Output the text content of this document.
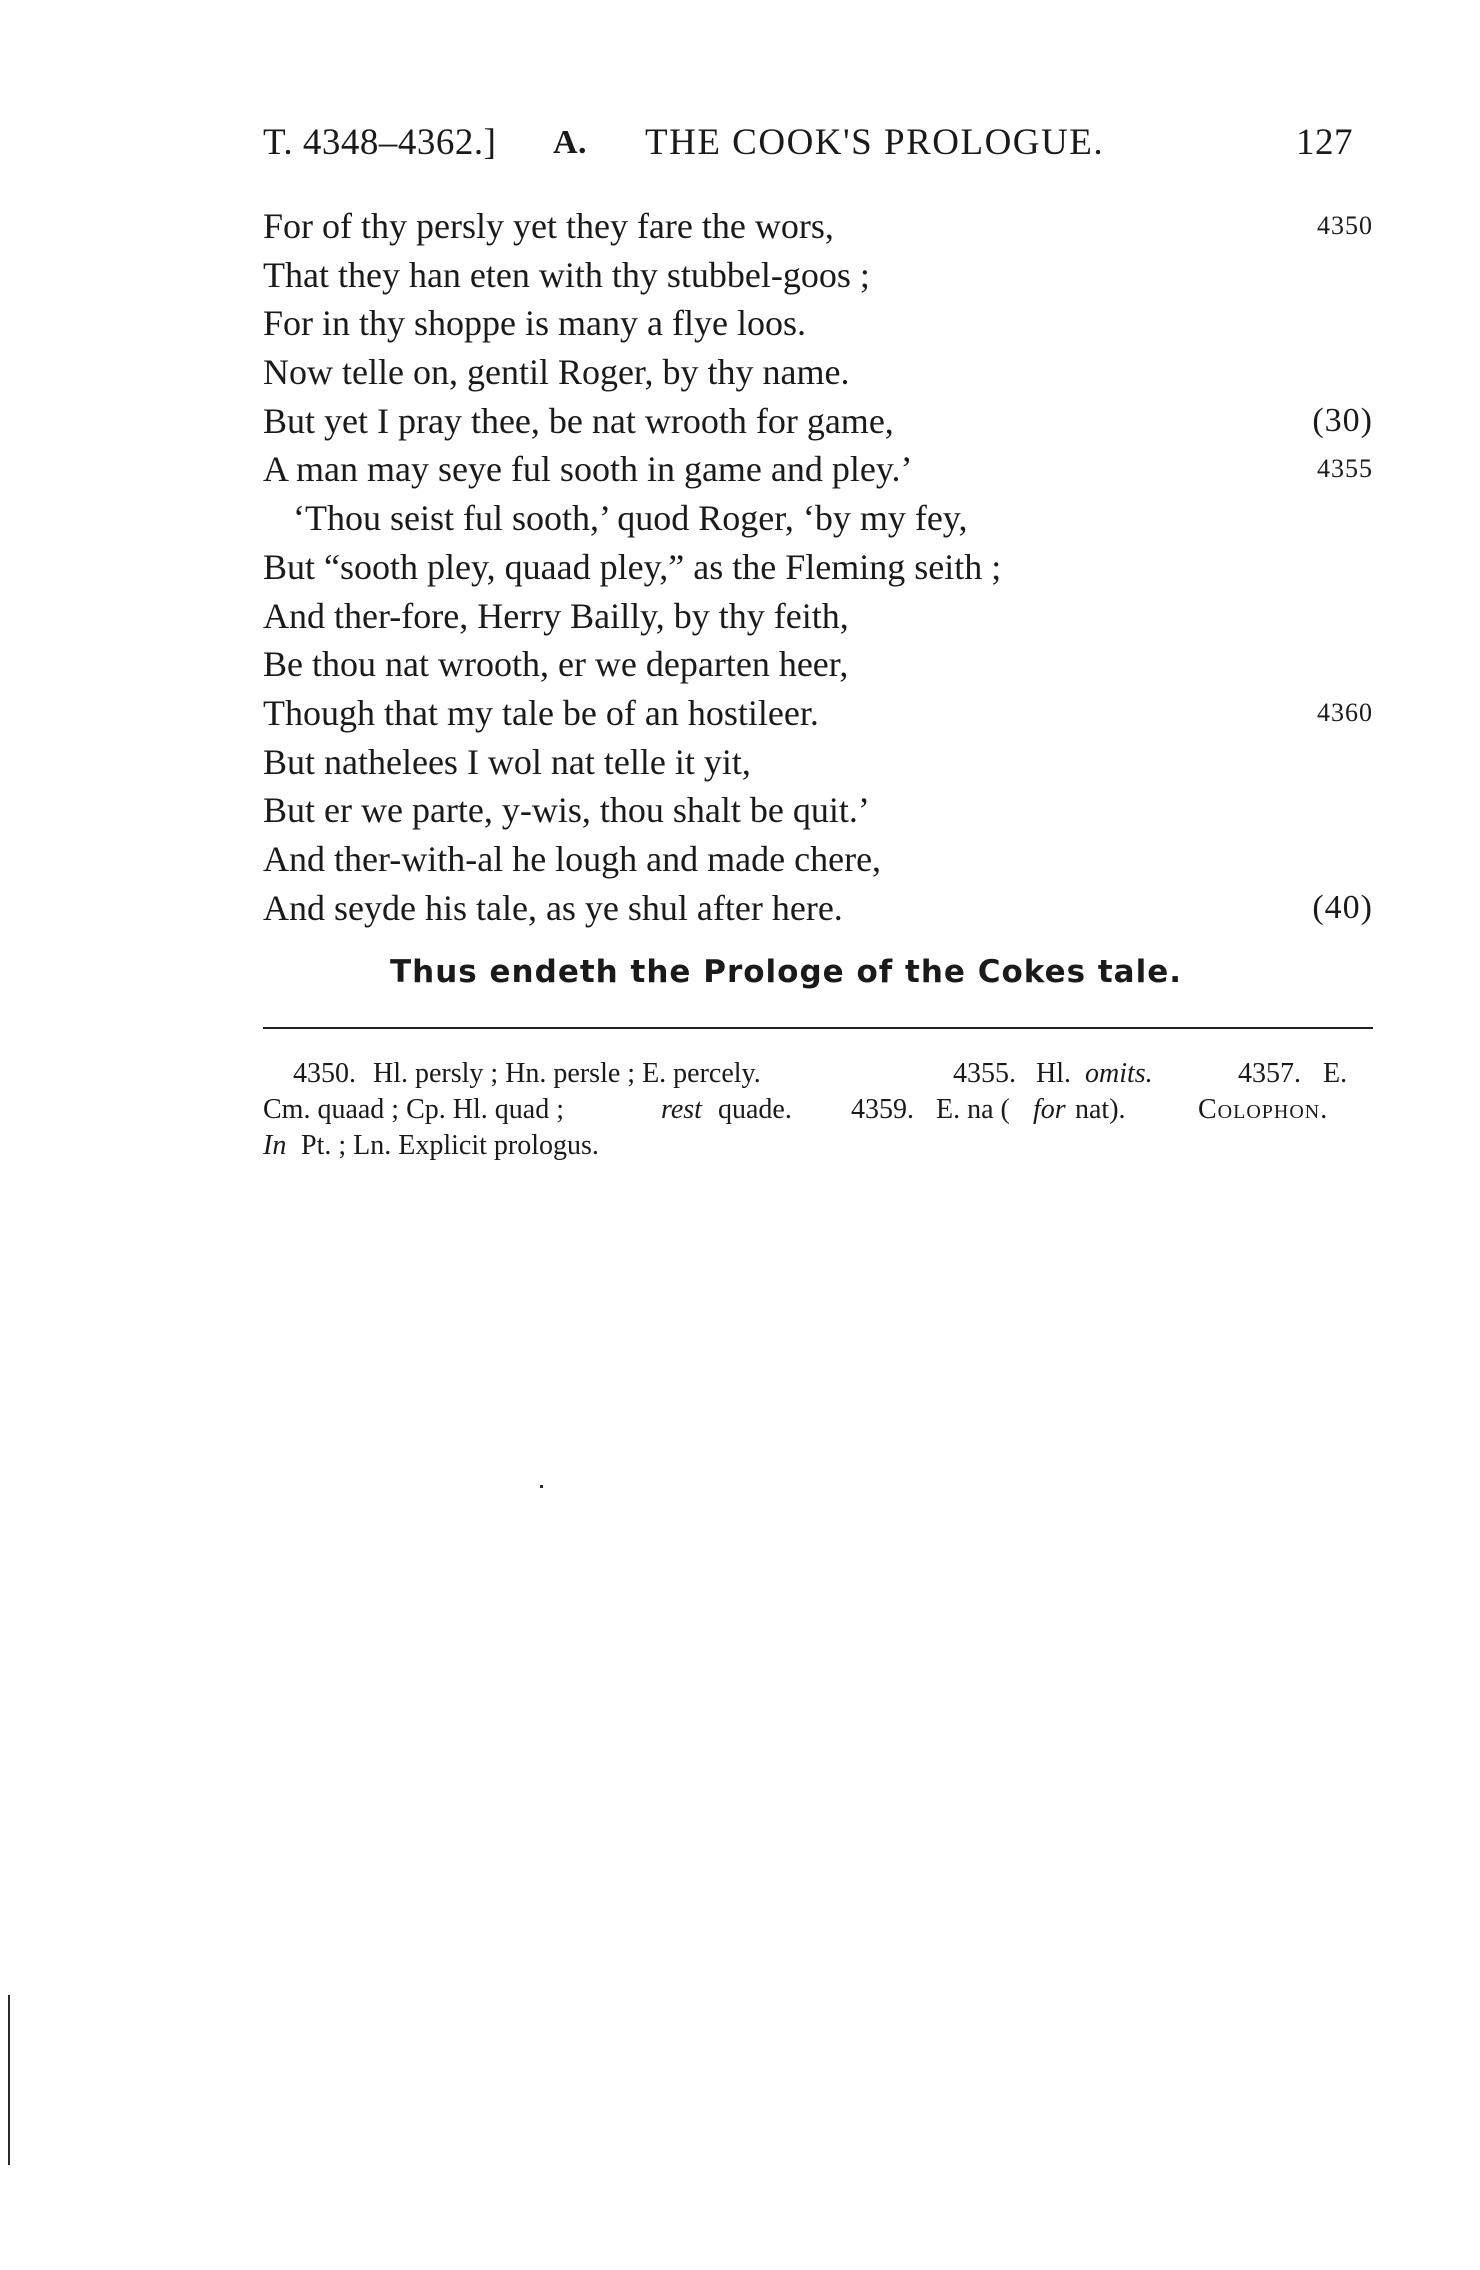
T. 4348–4362.] A. THE COOK'S PROLOGUE.	127
For of thy persly yet they fare the wors,	4350
That they han eten with thy stubbel-goos ;
For in thy shoppe is many a flye loos.
Now telle on, gentil Roger, by thy name.
But yet I pray thee, be nat wrooth for game,	(30)
A man may seye ful sooth in game and pley.’	4355
‘Thou seist ful sooth,’ quod Roger, ‘by my fey,
But “sooth pley, quaad pley,” as the Fleming seith ;
And ther-fore, Herry Bailly, by thy feith,
Be thou nat wrooth, er we departen heer,
Though that my tale be of an hostileer.	4360
But nathelees I wol nat telle it yit,
But er we parte, y-wis, thou shalt be quit.’
And ther-with-al he lough and made chere,
And seyde his tale, as ye shul after here.	(40)
Thus endeth the Prologe of the Cokes tale.
4350. Hl. persly ; Hn. persle ; E. percely.	4355. Hl. omits.	4357. E.
Cm. quaad ; Cp. Hl. quad ;	rest quade. 4359. E. na ( for nat).	Colophon.
In Pt. ; Ln. Explicit prologus.
